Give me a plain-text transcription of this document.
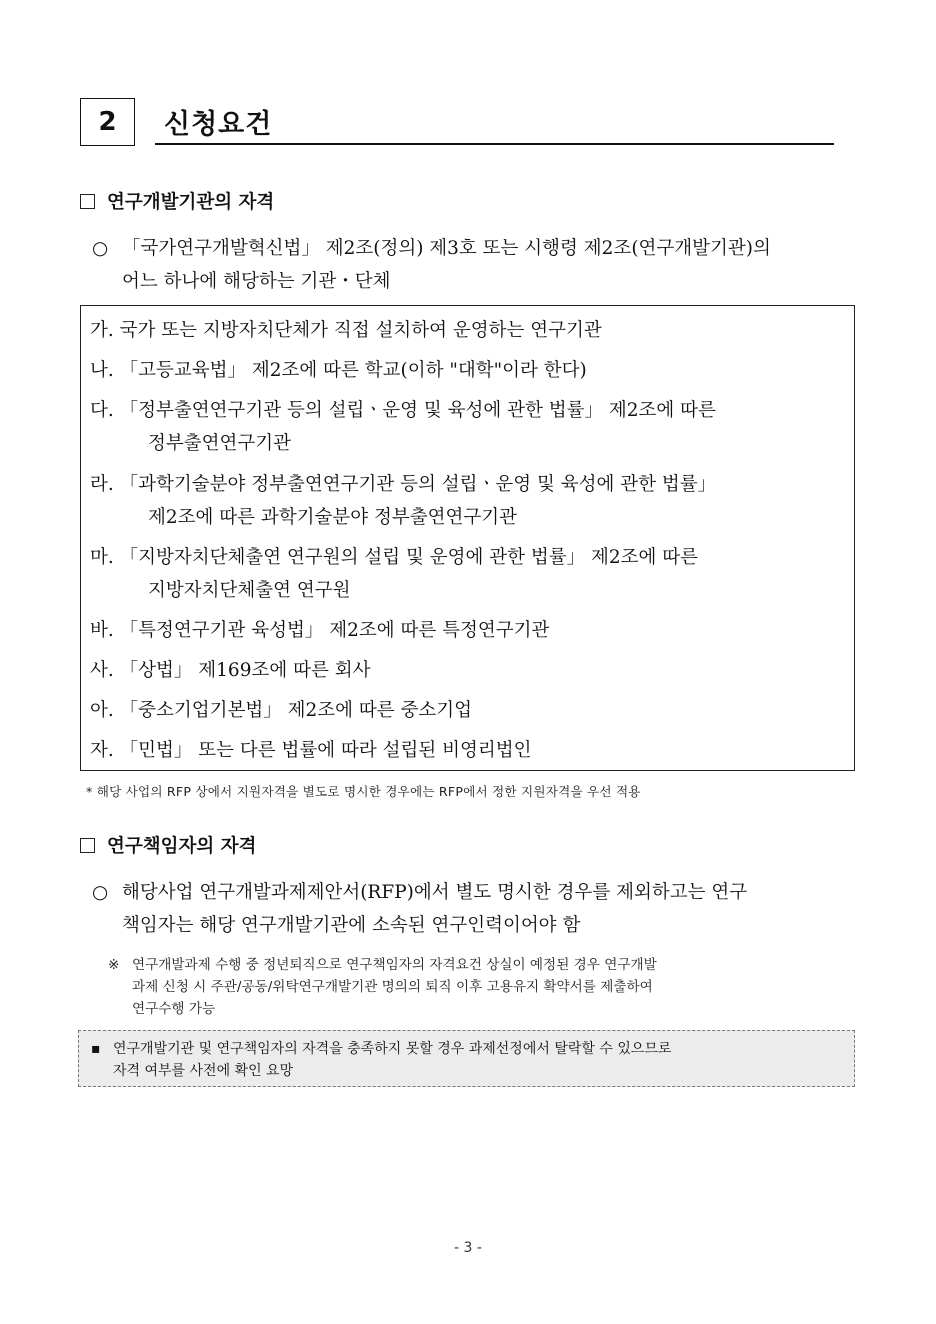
2	신청요건
연구개발기관의 자격
○ 「국가연구개발혁신법」 제2조(정의) 제3호 또는 시행령 제2조(연구개발기관)의
어느 하나에 해당하는 기관・단체
가. 국가 또는 지방자치단체가 직접 설치하여 운영하는 연구기관
나. 「고등교육법」 제2조에 따른 학교(이하 "대학"이라 한다)
다. 「정부출연연구기관 등의 설립ㆍ운영 및 육성에 관한 법률」 제2조에 따른
정부출연연구기관
라. 「과학기술분야 정부출연연구기관 등의 설립ㆍ운영 및 육성에 관한 법률」
제2조에 따른 과학기술분야 정부출연연구기관
마. 「지방자치단체출연 연구원의 설립 및 운영에 관한 법률」 제2조에 따른
지방자치단체출연 연구원
바. 「특정연구기관 육성법」 제2조에 따른 특정연구기관
사. 「상법」 제169조에 따른 회사
아. 「중소기업기본법」 제2조에 따른 중소기업
자. 「민법」 또는 다른 법률에 따라 설립된 비영리법인
* 해당 사업의 RFP 상에서 지원자격을 별도로 명시한 경우에는 RFP에서 정한 지원자격을 우선 적용
연구책임자의 자격
○ 해당사업 연구개발과제제안서(RFP)에서 별도 명시한 경우를 제외하고는 연구
책임자는 해당 연구개발기관에 소속된 연구인력이어야 함
※ 연구개발과제 수행 중 정년퇴직으로 연구책임자의 자격요건 상실이 예정된 경우 연구개발
과제 신청 시 주관/공동/위탁연구개발기관 명의의 퇴직 이후 고용유지 확약서를 제출하여
연구수행 가능
▪ 연구개발기관 및 연구책임자의 자격을 충족하지 못할 경우 과제선정에서 탈락할 수 있으므로
자격 여부를 사전에 확인 요망
- 3 -
